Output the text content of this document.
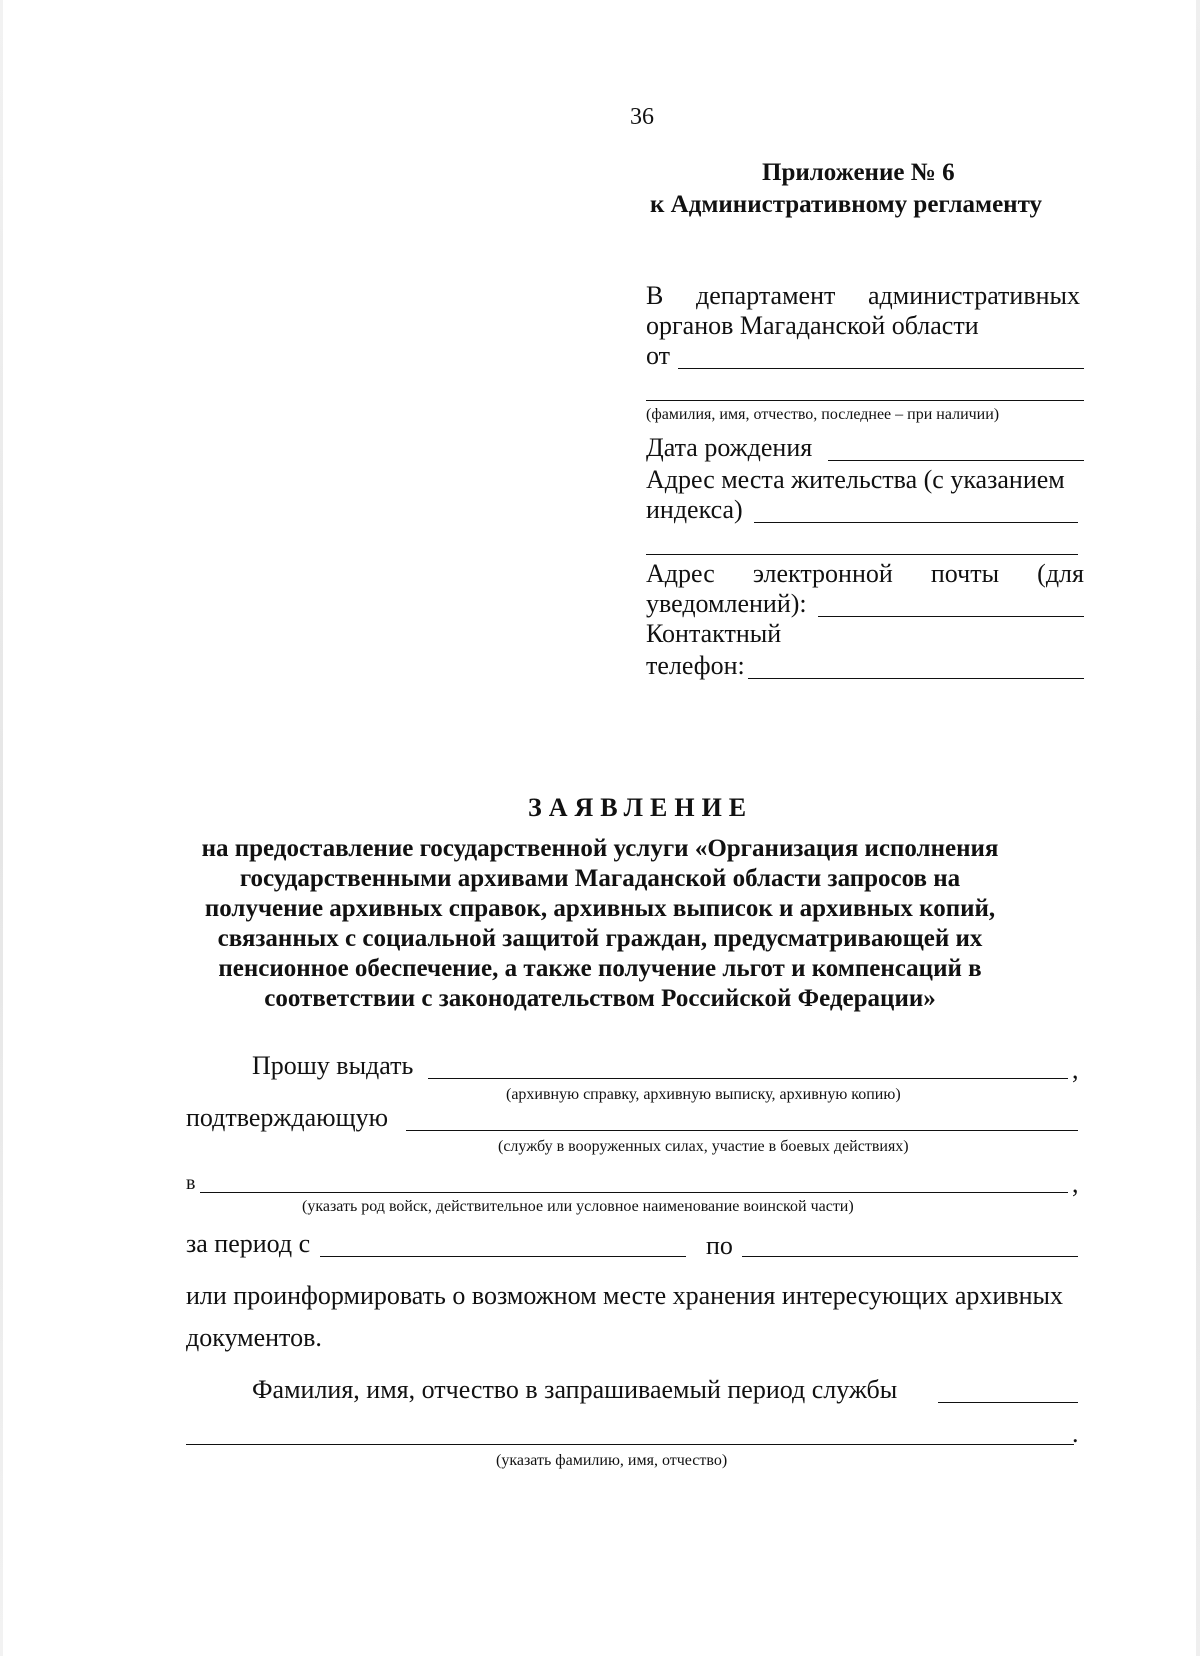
36
Приложение № 6
к Административному регламенту
В департамент административных
органов Магаданской области
от
(фамилия, имя, отчество, последнее – при наличии)
Дата рождения
Адрес места жительства (с указанием
индекса)
Адрес электронной почты (для
уведомлений):
Контактный
телефон:
ЗАЯВЛЕНИЕ
на предоставление государственной услуги «Организация исполнения
государственными архивами Магаданской области запросов на
получение архивных справок, архивных выписок и архивных копий,
связанных с социальной защитой граждан, предусматривающей их
пенсионное обеспечение, а также получение льгот и компенсаций в
соответствии с законодательством Российской Федерации»
Прошу выдать	,
(архивную справку, архивную выписку, архивную копию)
подтверждающую
(службу в вооруженных силах, участие в боевых действиях)
в	,
(указать род войск, действительное или условное наименование воинской части)
за период с	по
или проинформировать о возможном месте хранения интересующих архивных
документов.
Фамилия, имя, отчество в запрашиваемый период службы
.
(указать фамилию, имя, отчество)
